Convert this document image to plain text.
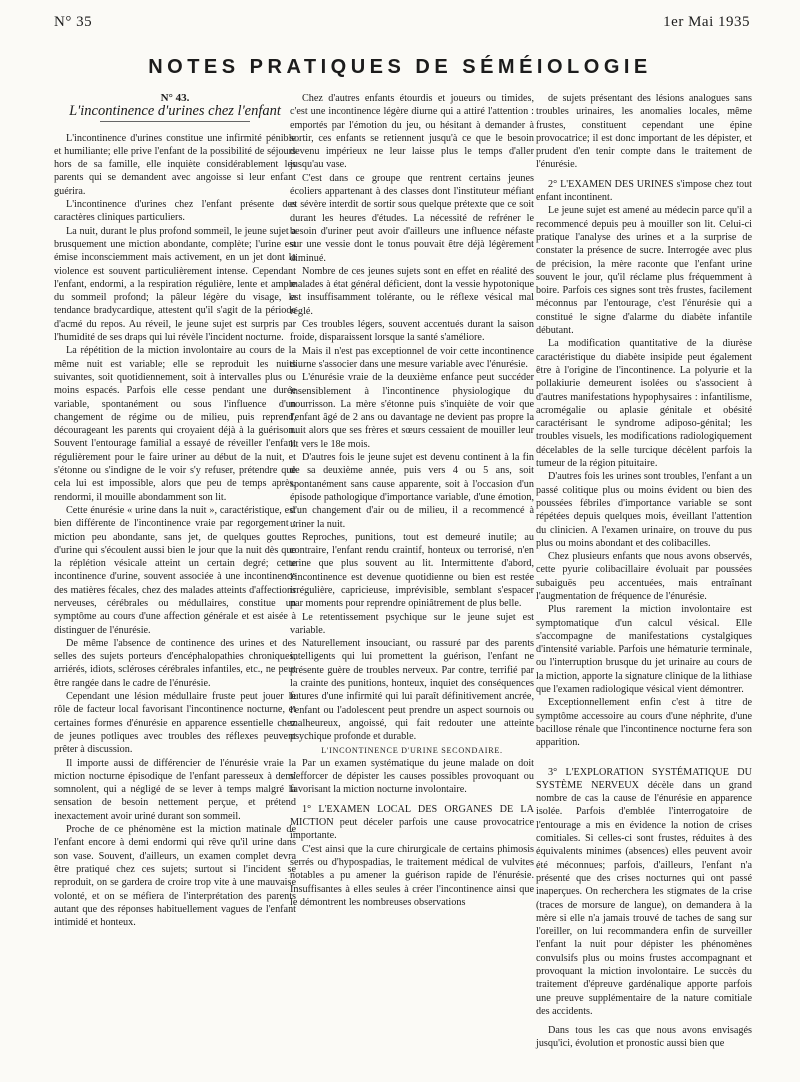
N° 35	1er Mai 1935
NOTES PRATIQUES DE SÉMÉIOLOGIE

N° 43.

L'incontinence d'urines chez l'enfant

L'incontinence d'urines constitue une infirmité pénible et humiliante; elle prive l'enfant de la possibilité de séjours hors de sa famille, elle inquiète considérablement les parents qui se demandent avec angoisse si leur enfant guérira.

L'incontinence d'urines chez l'enfant présente des caractères cliniques particuliers.

La nuit, durant le plus profond sommeil, le jeune sujet a brusquement une miction abondante, complète; l'urine est émise inconsciemment mais activement, en un jet dont la violence est souvent particulièrement intense. Cependant l'enfant, endormi, a la respiration régulière, lente et ample du sommeil profond; la pâleur légère du visage, la tendance bradycardique, attestent qu'il s'agit de la période d'acmé du repos. Au réveil, le jeune sujet est surpris par l'humidité de ses draps qui lui révèle l'incident nocturne.

La répétition de la miction involontaire au cours de la même nuit est variable; elle se reproduit les nuits suivantes, soit quotidiennement, soit à intervalles plus ou moins espacés. Parfois elle cesse pendant une durée variable, spontanément ou sous l'influence d'un changement de régime ou de milieu, puis reprend, décourageant les parents qui croyaient déjà à la guérison. Souvent l'entourage familial a essayé de réveiller l'enfant régulièrement pour le faire uriner au début de la nuit, et s'étonne ou s'indigne de le voir s'y refuser, prétendre que cela lui est impossible, alors que peu de temps après, rendormi, il mouille abondamment son lit.

Cette énurésie « urine dans la nuit », caractéristique, est bien différente de l'incontinence vraie par regorgement : miction peu abondante, sans jet, de quelques gouttes d'urine qui s'écoulent aussi bien le jour que la nuit dès que la réplétion vésicale atteint un certain degré; cette incontinence d'urine, souvent associée à une incontinence des matières fécales, chez des malades atteints d'affections nerveuses, cérébrales ou médullaires, constitue un symptôme au cours d'une affection générale et est aisée à distinguer de l'énurésie.

De même l'absence de continence des urines et des selles des sujets porteurs d'encéphalopathies chroniques, arriérés, idiots, scléroses cérébrales infantiles, etc., ne peut être rangée dans le cadre de l'énurésie.

Cependant une lésion médullaire fruste peut jouer le rôle de facteur local favorisant l'incontinence nocturne, et certaines formes d'énurésie en apparence essentielle chez de jeunes potliques avec troubles des réflexes peuvent prêter à discussion.

Il importe aussi de différencier de l'énurésie vraie la miction nocturne épisodique de l'enfant paresseux à demi somnolent, qui a négligé de se lever à temps malgré la sensation de besoin nettement perçue, et prétend inexactement avoir uriné durant son sommeil.

Proche de ce phénomène est la miction matinale de l'enfant encore à demi endormi qui rêve qu'il urine dans son vase. Souvent, d'ailleurs, un examen complet devra être pratiqué chez ces sujets; surtout si l'incident se reproduit, on se gardera de croire trop vite à une mauvaise volonté, et on se méfiera de l'interprétation des parents autant que des réponses habituellement vagues de l'enfant intimidé et honteux.

Chez d'autres enfants étourdis et joueurs ou timides, c'est une incontinence légère diurne qui a attiré l'attention : emportés par l'émotion du jeu, ou hésitant à demander à sortir, ces enfants se retiennent jusqu'à ce que le besoin devenu impérieux ne leur laisse plus le temps d'aller jusqu'au vase.

C'est dans ce groupe que rentrent certains jeunes écoliers appartenant à des classes dont l'instituteur méfiant et sévère interdit de sortir sous quelque prétexte que ce soit durant les heures d'études. La nécessité de refréner le besoin d'uriner peut avoir d'ailleurs une influence néfaste sur une vessie dont le tonus pouvait être déjà légèrement diminué.

Nombre de ces jeunes sujets sont en effet en réalité des malades à état général déficient, dont la vessie hypotonique est insuffisamment tolérante, ou le réflexe vésical mal réglé.

Ces troubles légers, souvent accentués durant la saison froide, disparaissent lorsque la santé s'améliore.

Mais il n'est pas exceptionnel de voir cette incontinence diurne s'associer dans une mesure variable avec l'énurésie.

L'énurésie vraie de la deuxième enfance peut succéder insensiblement à l'incontinence physiologique du nourrisson. La mère s'étonne puis s'inquiète de voir que l'enfant âgé de 2 ans ou davantage ne devient pas propre la nuit alors que ses frères et sœurs cessaient de mouiller leur lit vers le 18e mois.

D'autres fois le jeune sujet est devenu continent à la fin de sa deuxième année, puis vers 4 ou 5 ans, soit spontanément sans cause apparente, soit à l'occasion d'un épisode pathologique d'importance variable, d'une émotion, d'un changement d'air ou de milieu, il a recommencé à uriner la nuit.

Reproches, punitions, tout est demeuré inutile; au contraire, l'enfant rendu craintif, honteux ou terrorisé, n'en urine que plus souvent au lit. Intermittente d'abord, l'incontinence est devenue quotidienne ou bien est restée irrégulière, capricieuse, imprévisible, semblant s'espacer par moments pour reprendre opiniâtrement de plus belle.

Le retentissement psychique sur le jeune sujet est variable.

Naturellement insouciant, ou rassuré par des parents intelligents qui lui promettent la guérison, l'enfant ne présente guère de troubles nerveux. Par contre, terrifié par la crainte des punitions, honteux, inquiet des conséquences futures d'une infirmité qui lui paraît définitivement ancrée, l'enfant ou l'adolescent peut prendre un aspect sournois ou malheureux, angoissé, qui fait redouter une atteinte psychique profonde et durable.

L'INCONTINENCE D'URINE SECONDAIRE.

Par un examen systématique du jeune malade on doit s'efforcer de dépister les causes possibles provoquant ou favorisant la miction nocturne involontaire.

1° L'EXAMEN LOCAL DES ORGANES DE LA MICTION peut déceler parfois une cause provocatrice importante.

C'est ainsi que la cure chirurgicale de certains phimosis serrés ou d'hypospadias, le traitement médical de vulvites notables a pu amener la guérison rapide de l'énurésie. Insuffisantes à elles seules à créer l'incontinence ainsi que le démontrent les nombreuses observations

de sujets présentant des lésions analogues sans troubles urinaires, les anomalies locales, même frustes, constituent cependant une épine provocatrice; il est donc important de les dépister, et prudent d'en tenir compte dans le traitement de l'énurésie.

2° L'EXAMEN DES URINES s'impose chez tout enfant incontinent.

Le jeune sujet est amené au médecin parce qu'il a recommencé depuis peu à mouiller son lit. Celui-ci pratique l'analyse des urines et a la surprise de constater la présence de sucre. Interrogée avec plus de précision, la mère raconte que l'enfant urine souvent le jour, qu'il réclame plus fréquemment à boire. Parfois ces signes sont très frustes, facilement méconnus par l'entourage, c'est l'énurésie qui a constitué le signe d'alarme du diabète infantile débutant.

La modification quantitative de la diurèse caractéristique du diabète insipide peut également être à l'origine de l'incontinence. La polyurie et la pollakiurie demeurent isolées ou s'associent à d'autres manifestations hypophysaires : infantilisme, acromégalie ou aplasie génitale et obésité caractérisant le syndrome adiposo-génital; les troubles visuels, les modifications radiologiquement décelables de la selle turcique décèlent parfois la tumeur de la région pituitaire.

D'autres fois les urines sont troubles, l'enfant a un passé colitique plus ou moins évident ou bien des poussées fébriles d'importance variable se sont répétées depuis quelques mois, éveillant l'attention du clinicien. A l'examen urinaire, on trouve du pus plus ou moins abondant et des colibacilles.

Chez plusieurs enfants que nous avons observés, cette pyurie colibacillaire évoluait par poussées subaiguës peu accentuées, mais entraînant l'augmentation de fréquence de l'énurésie.

Plus rarement la miction involontaire est symptomatique d'un calcul vésical. Elle s'accompagne de manifestations cystalgiques d'intensité variable. Parfois une hématurie terminale, ou l'interruption brusque du jet urinaire au cours de la miction, apporte la signature clinique de la lithiase que l'examen radiologique vésical vient démontrer.

Exceptionnellement enfin c'est à titre de symptôme accessoire au cours d'une néphrite, d'une bacillose rénale que l'incontinence nocturne fera son apparition.

3° L'EXPLORATION SYSTÉMATIQUE DU SYSTÈME NERVEUX décèle dans un grand nombre de cas la cause de l'énurésie en apparence isolée. Parfois d'emblée l'interrogatoire de l'entourage a mis en évidence la notion de crises comitiales. Si celles-ci sont frustes, réduites à des équivalents minimes (absences) elles peuvent avoir été méconnues; parfois, d'ailleurs, l'enfant n'a présenté que des crises nocturnes qui ont passé inaperçues. On recherchera les stigmates de la crise (traces de morsure de langue), on demandera à la mère si elle n'a jamais trouvé de taches de sang sur l'oreiller, on lui recommandera enfin de surveiller l'enfant la nuit pour dépister les phénomènes convulsifs plus ou moins frustes accompagnant et provoquant la miction involontaire. Le succès du traitement d'épreuve gardénalique apporte parfois une preuve supplémentaire de la nature comitiale des accidents.

Dans tous les cas que nous avons envisagés jusqu'ici, évolution et pronostic aussi bien que
